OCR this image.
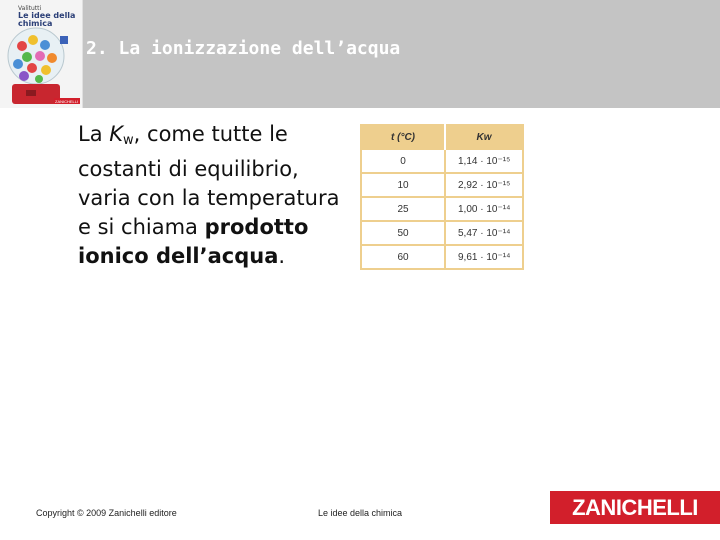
Valitutti
Le idee della
chimica
ZANICHELLI
2. La ionizzazione dell’acqua
La $K_w$, come tutte le costanti di equilibrio, varia con la temperatura e si chiama prodotto ionico dell’acqua.
t (°C)	Kw
0	1,14 · 10⁻¹⁵
10	2,92 · 10⁻¹⁵
25	1,00 · 10⁻¹⁴
50	5,47 · 10⁻¹⁴
60	9,61 · 10⁻¹⁴
Copyright © 2009 Zanichelli editore	Le idee della chimica	ZANICHELLI
